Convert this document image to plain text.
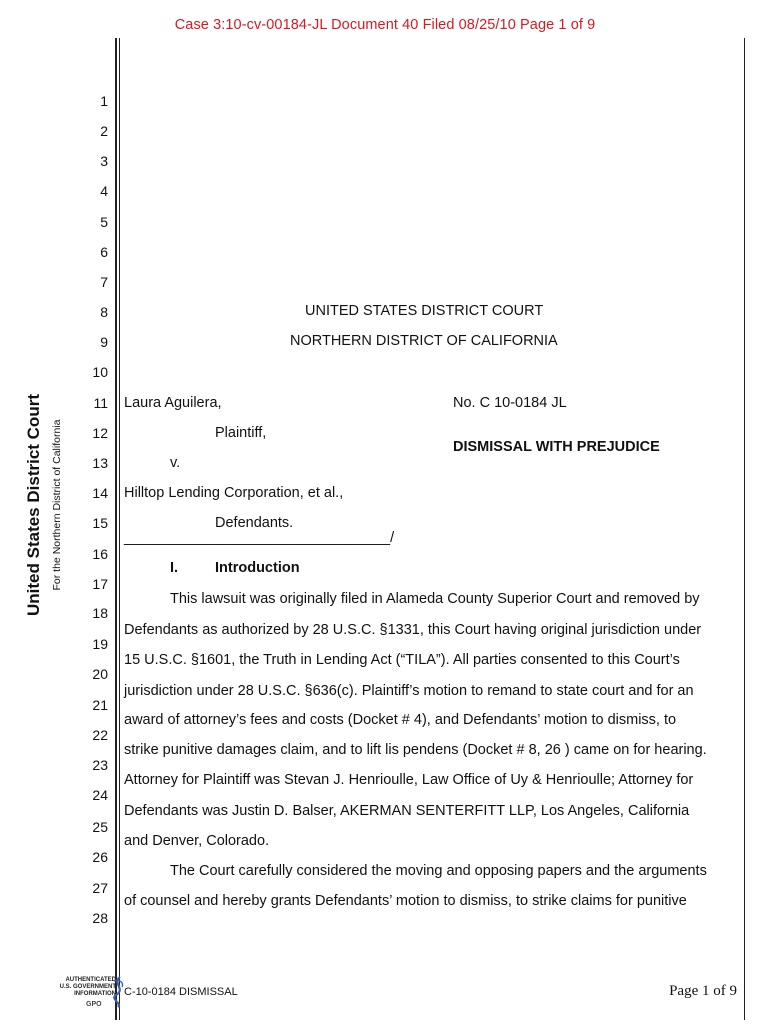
Case 3:10-cv-00184-JL Document 40 Filed 08/25/10 Page 1 of 9
United States District Court For the Northern District of California
1
2
3
4
5
6
7
8
9
10
11
12
13
14
15
16
17
18
19
20
21
22
23
24
25
26
27
28
UNITED STATES DISTRICT COURT
NORTHERN DISTRICT OF CALIFORNIA
Laura Aguilera,
Plaintiff,
v.
Hilltop Lending Corporation, et al.,
Defendants.
_________________________________/
No. C 10-0184 JL
DISMISSAL WITH PREJUDICE
I.	Introduction
This lawsuit was originally filed in Alameda County Superior Court and removed by
Defendants as authorized by 28 U.S.C. §1331, this Court having original jurisdiction under
15 U.S.C. §1601, the Truth in Lending Act (“TILA”). All parties consented to this Court’s
jurisdiction under 28 U.S.C. §636(c). Plaintiff’s motion to remand to state court and for an
award of attorney’s fees and costs (Docket # 4), and Defendants’ motion to dismiss, to
strike punitive damages claim, and to lift lis pendens (Docket # 8, 26 ) came on for hearing.
Attorney for Plaintiff was Stevan J. Henrioulle, Law Office of Uy & Henrioulle; Attorney for
Defendants was Justin D. Balser, AKERMAN SENTERFITT LLP, Los Angeles, California
and Denver, Colorado.
The Court carefully considered the moving and opposing papers and the arguments
of counsel and hereby grants Defendants’ motion to dismiss, to strike claims for punitive
AUTHENTICATED
U.S. GOVERNMENT
INFORMATION
GPO
C-10-0184 DISMISSAL	Page 1 of 9
